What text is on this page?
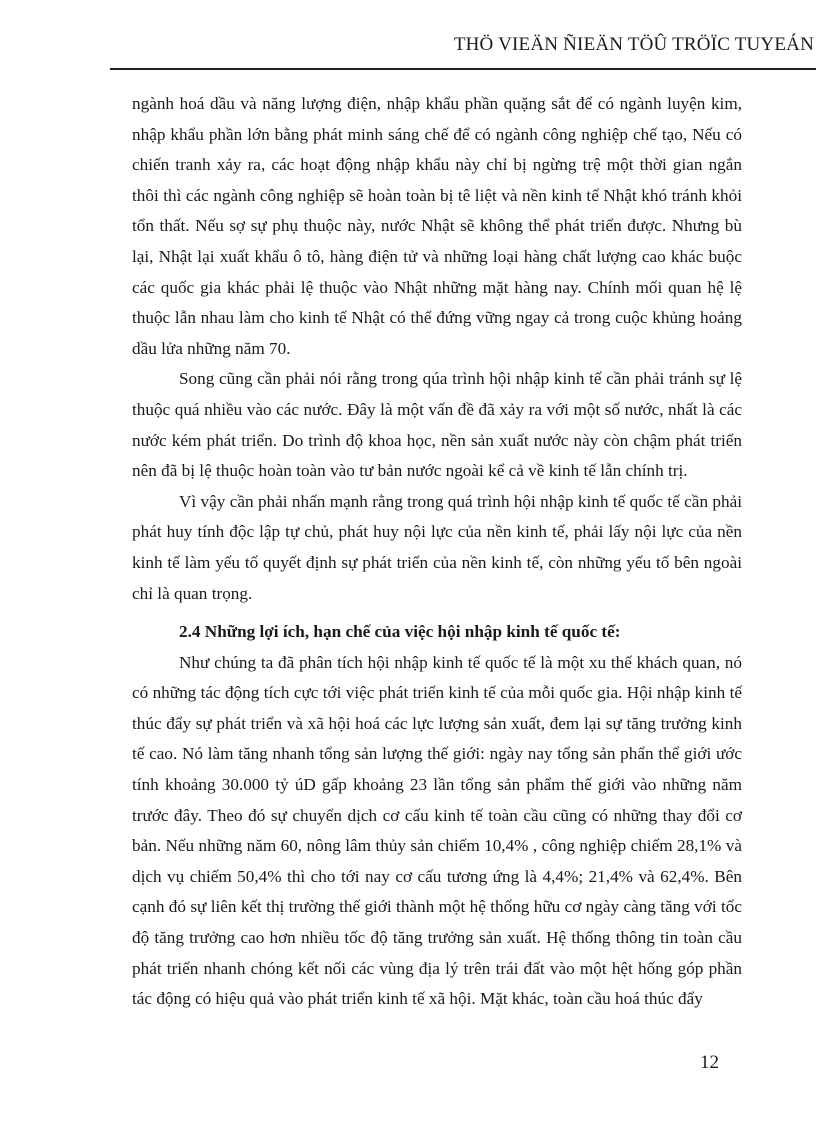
THÖ VIEÄN ÑIEÄN TÖÛ TRÖÏC TUYEÁN

ngành hoá dầu và năng lượng điện, nhập khẩu phần quặng sắt để có ngành luyện kim, nhập khẩu phần lớn bằng phát minh sáng chế để có ngành công nghiệp chế tạo, Nếu có chiến tranh xảy ra, các hoạt động nhập khẩu này chỉ bị ngừng trệ một thời gian ngắn thôi thì các ngành công nghiệp sẽ hoàn toàn bị tê liệt và nền kinh tế Nhật khó tránh khỏi tổn thất. Nếu sợ sự phụ thuộc này, nước Nhật sẽ không thể phát triển được. Nhưng bù lại, Nhật lại xuất khẩu ô tô, hàng điện tử và những loại hàng chất lượng cao khác buộc các quốc gia khác phải lệ thuộc vào Nhật những mặt hàng nay. Chính mối quan hệ lệ thuộc lẫn nhau làm cho kinh tế Nhật có thể đứng vững ngay cả trong cuộc khủng hoảng dầu lửa những năm 70.

Song cũng cần phải nói rằng trong qúa trình hội nhập kinh tế cần phải tránh sự lệ thuộc quá nhiều vào các nước. Đây là một vấn đề đã xảy ra với một số nước, nhất là các nước kém phát triển. Do trình độ khoa học, nền sản xuất nước này còn chậm phát triển nên đã bị lệ thuộc hoàn toàn vào tư bản nước ngoài kể cả về kinh tế lẫn chính trị.

Vì vậy cần phải nhấn mạnh rằng trong quá trình hội nhập kinh tế quốc tế cần phải phát huy tính độc lập tự chủ, phát huy nội lực của nền kinh tế, phải lấy nội lực của nền kinh tế làm yếu tố quyết định sự phát triển của nền kinh tế, còn những yếu tố bên ngoài chỉ là quan trọng.

2.4 Những lợi ích, hạn chế của việc hội nhập kinh tế quốc tế:

Như chúng ta đã phân tích hội nhập kinh tế quốc tế là một xu thế khách quan, nó có những tác động tích cực tới việc phát triển kinh tế của mỗi quốc gia. Hội nhập kinh tế thúc đẩy sự phát triển và xã hội hoá các lực lượng sản xuất, đem lại sự tăng trưởng kinh tế cao. Nó làm tăng nhanh tổng sản lượng thế giới: ngày nay tổng sản phẩn thể giới ước tính khoảng 30.000 tỷ úD gấp khoảng 23 lần tổng sản phẩm thế giới vào những năm trước đây. Theo đó sự chuyển dịch cơ cấu kinh tế toàn cầu cũng có những thay đổi cơ bản. Nếu những năm 60, nông lâm thủy sản chiếm 10,4% , công nghiệp chiếm 28,1% và dịch vụ chiếm 50,4% thì cho tới nay cơ cấu tương ứng là 4,4%; 21,4% và 62,4%. Bên cạnh đó sự liên kết thị trường thế giới thành một hệ thống hữu cơ ngày càng tăng với tốc độ tăng trưởng cao hơn nhiều tốc độ tăng trưởng sản xuất. Hệ thống thông tin toàn cầu phát triển nhanh chóng kết nối các vùng địa lý trên trái đất vào một hệt hống góp phần tác động có hiệu quả vào phát triển kinh tế xã hội. Mặt khác, toàn cầu hoá thúc đẩy

12
